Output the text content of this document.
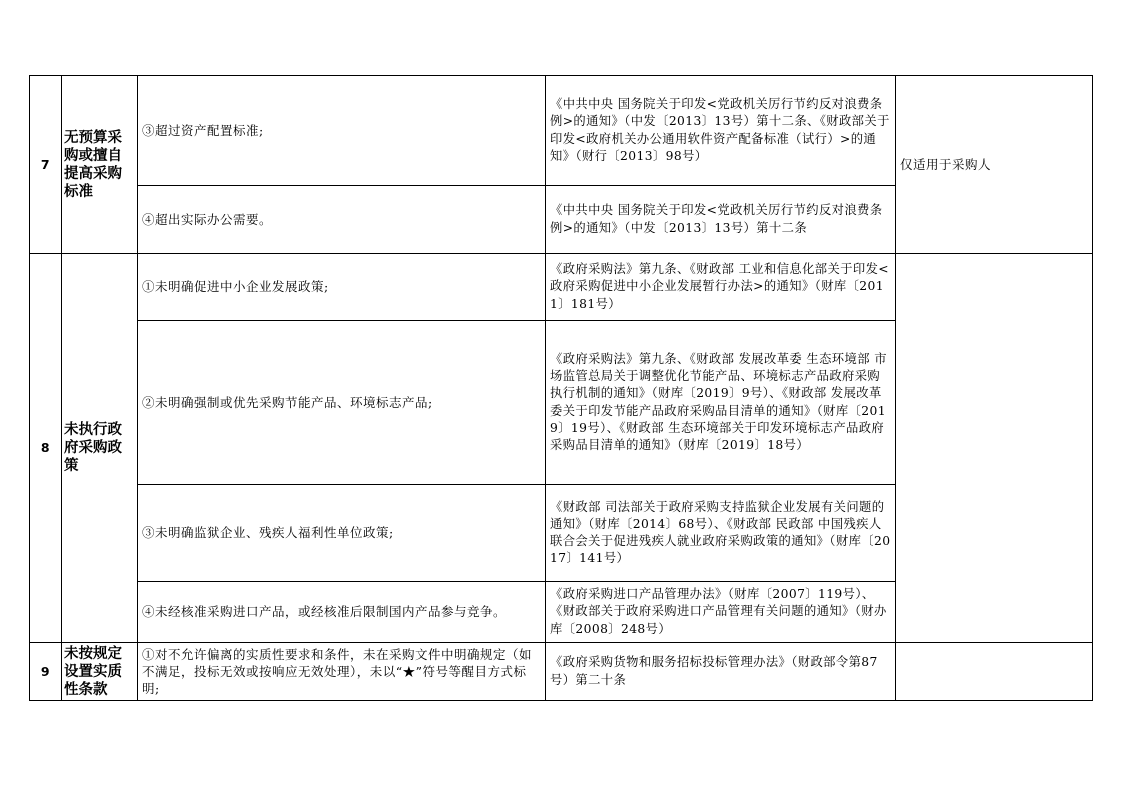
7	无预算采购或擅自提高采购标准	③超过资产配置标准;	《中共中央 国务院关于印发<党政机关厉行节约反对浪费条例>的通知》（中发〔2013〕13号）第十二条、《财政部关于印发<政府机关办公通用软件资产配备标准（试行）>的通知》（财行〔2013〕98号）	仅适用于采购人

		④超出实际办公需要。	《中共中央 国务院关于印发<党政机关厉行节约反对浪费条例>的通知》（中发〔2013〕13号）第十二条	

8	未执行政府采购政策	①未明确促进中小企业发展政策;	《政府采购法》第九条、《财政部 工业和信息化部关于印发<政府采购促进中小企业发展暂行办法>的通知》（财库〔2011〕181号）	

		②未明确强制或优先采购节能产品、环境标志产品;	《政府采购法》第九条、《财政部 发展改革委 生态环境部 市场监管总局关于调整优化节能产品、环境标志产品政府采购执行机制的通知》（财库〔2019〕9号）、《财政部 发展改革委关于印发节能产品政府采购品目清单的通知》（财库〔2019〕19号）、《财政部 生态环境部关于印发环境标志产品政府采购品目清单的通知》（财库〔2019〕18号）	

		③未明确监狱企业、残疾人福利性单位政策;	《财政部 司法部关于政府采购支持监狱企业发展有关问题的通知》（财库〔2014〕68号）、《财政部 民政部 中国残疾人联合会关于促进残疾人就业政府采购政策的通知》（财库〔2017〕141号）	

		④未经核准采购进口产品，或经核准后限制国内产品参与竞争。	《政府采购进口产品管理办法》（财库〔2007〕119号）、《财政部关于政府采购进口产品管理有关问题的通知》（财办库〔2008〕248号）	

9	未按规定设置实质性条款	①对不允许偏离的实质性要求和条件，未在采购文件中明确规定（如不满足，投标无效或按响应无效处理），未以“★”符号等醒目方式标明;	《政府采购货物和服务招标投标管理办法》（财政部令第87号）第二十条	
